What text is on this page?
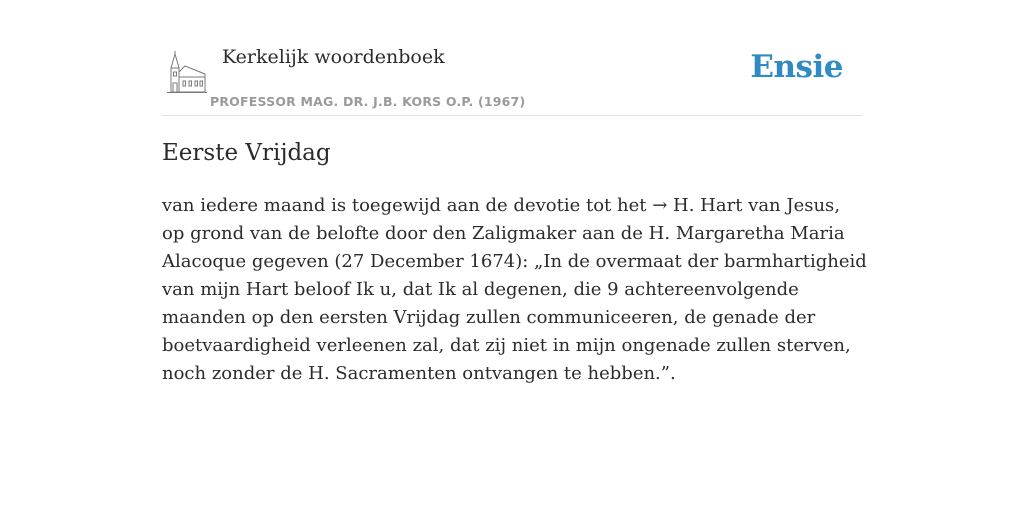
Kerkelijk woordenboek
PROFESSOR MAG. DR. J.B. KORS O.P. (1967)
Ensie
Eerste Vrijdag

van iedere maand is toegewijd aan de devotie tot het → H. Hart van Jesus, op grond van de belofte door den Zaligmaker aan de H. Margaretha Maria Alacoque gegeven (27 December 1674): „In de overmaat der barmhartigheid van mijn Hart beloof Ik u, dat Ik al degenen, die 9 achtereenvolgende maanden op den eersten Vrijdag zullen communiceeren, de genade der boetvaardigheid verleenen zal, dat zij niet in mijn ongenade zullen sterven, noch zonder de H. Sacramenten ontvangen te hebben.”.
